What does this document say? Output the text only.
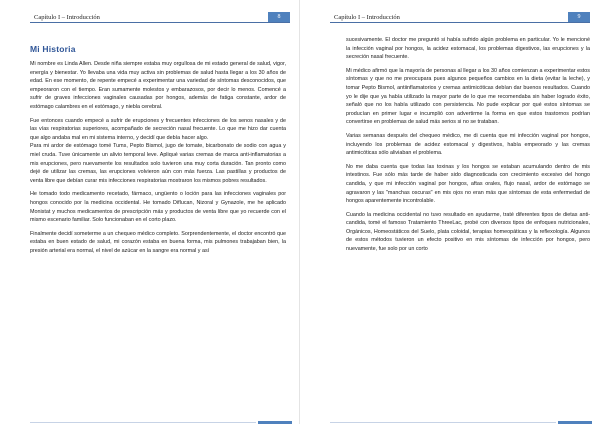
Capítulo I – Introducción	8
Mi Historia

Mi nombre es Linda Allen. Desde niña siempre estaba muy orgullosa de mi estado general de salud, vigor, energía y bienestar. Yo llevaba una vida muy activa sin problemas de salud hasta llegar a los 30 años de edad. En ese momento, de repente empecé a experimentar una variedad de síntomas desconocidos, que empeoraron con el tiempo. Eran sumamente molestos y embarazosos, por decir lo menos. Comencé a sufrir de graves infecciones vaginales causadas por hongos, además de fatiga constante, ardor de estómago calambres en el estómago, y niebla cerebral.

Fue entonces cuando empecé a sufrir de erupciones y frecuentes infecciones de los senos nasales y de las vías respiratorias superiores, acompañado de secreción nasal frecuente. Lo que me hizo dar cuenta que algo andaba mal en mi sistema interno, y decidí que debía hacer algo.

Para mi ardor de estómago tomé Tums, Pepto Bismol, jugo de tomate, bicarbonato de sodio con agua y miel cruda. Tuve únicamente un alivio temporal leve. Apliqué varias cremas de marca anti-inflamatorias a mis erupciones, pero nuevamente los resultados solo tuvieron una muy corta duración. Tan pronto como dejé de utilizar las cremas, las erupciones volvieron aún con más fuerza. Las pastillas y productos de venta libre que debían curar mis infecciones respiratorias mostraron los mismos pobres resultados.

He tomado todo medicamento recetado, fármaco, ungüento o loción para las infecciones vaginales por hongos conocido por la medicina occidental. He tomado Diflucan, Nizoral y Gynazole, me he aplicado Monistat y muchos medicamentos de prescripción más y productos de venta libre que yo recuerde con el mismo escenario familiar. Solo funcionaban en el corto plazo.

Finalmente decidí someterme a un chequeo médico completo. Sorprendentemente, el doctor encontró que estaba en buen estado de salud, mi corazón estaba en buena forma, mis pulmones trabajaban bien, la presión arterial era normal, el nivel de azúcar en la sangre era normal y así

Capítulo I – Introducción	9

sucesivamente. El doctor me preguntó si había sufrido algún problema en particular. Yo le mencioné la infección vaginal por hongos, la acidez estomacal, los problemas digestivos, las erupciones y la secreción nasal frecuente.

Mi médico afirmó que la mayoría de personas al llegar a los 30 años comienzan a experimentar estos síntomas y que no me preocupara pues algunos pequeños cambios en la dieta (evitar la leche), y tomar Pepto Bismol, antiinflamatorios y cremas antimicóticas debían dar buenos resultados. Cuando yo le dije que ya había utilizado la mayor parte de lo que me recomendaba sin haber logrado éxito, señaló que no los había utilizado con persistencia. No pude explicar por qué estos síntomas se producían en primer lugar e incumplió con advertirme la forma en que estos trastornos podrían convertirse en problemas de salud más serios si no se trataban.

Varias semanas después del chequeo médico, me di cuenta que mi infección vaginal por hongos, incluyendo los problemas de acidez estomacal y digestivos, había empeorado y las cremas antimicóticas sólo aliviaban el problema.

No me daba cuenta que todas las toxinas y los hongos se estaban acumulando dentro de mis intestinos. Fue sólo más tarde de haber sido diagnosticada con crecimiento excesivo del hongo candida, y que mi infección vaginal por hongos, aftas orales, flujo nasal, ardor de estómago se agravaron y las "manchas oscuras" en mis ojos no eran más que síntomas de esta enfermedad de hongos aparentemente incontrolable.

Cuando la medicina occidental no tuvo resultado en ayudarme, traté diferentes tipos de dietas anti-candida, tomé el famoso Tratamiento ThreeLac, probé con diversos tipos de enfoques nutricionales, Orgánicos, Homeostáticos del Suelo, plata coloidal, terapias homeopáticas y la reflexología. Algunos de estos métodos tuvieron un efecto positivo en mis síntomas de infección por hongos, pero nuevamente, fue solo por un corto
